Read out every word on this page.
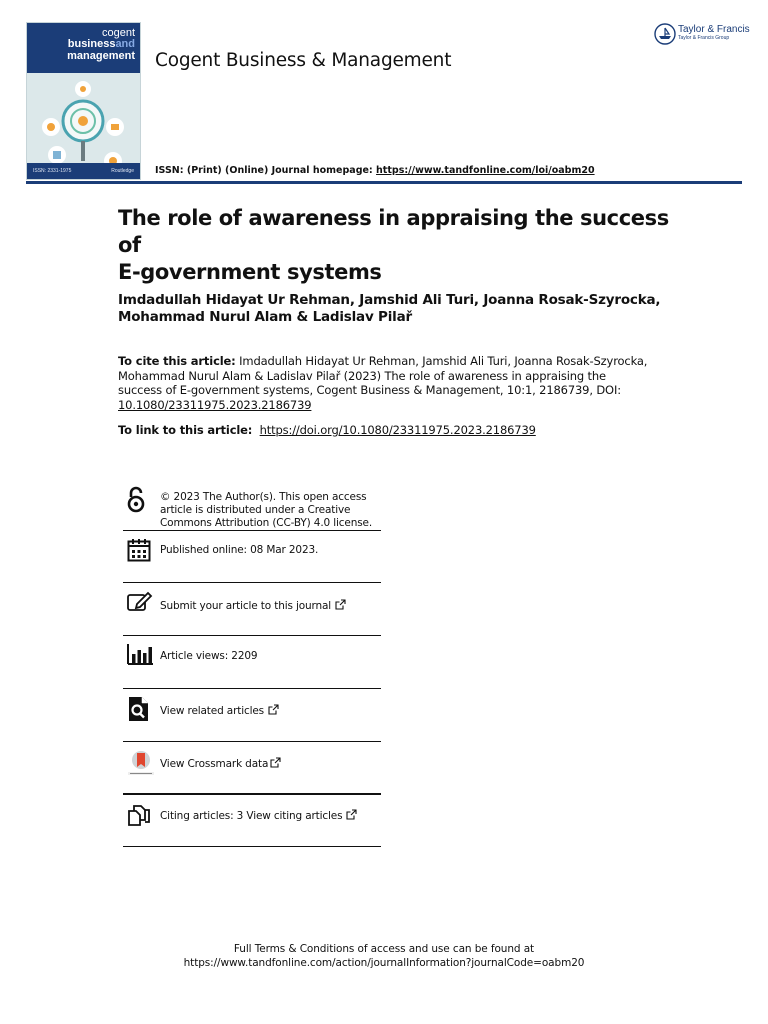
cogent
businessand
management
ISSN: 2331-1975	Routledge
Cogent Business & Management
ISSN: (Print) (Online) Journal homepage: https://www.tandfonline.com/loi/oabm20
Taylor & Francis
Taylor & Francis Group
The role of awareness in appraising the success of
E-government systems
Imdadullah Hidayat Ur Rehman, Jamshid Ali Turi, Joanna Rosak-Szyrocka,
Mohammad Nurul Alam & Ladislav Pilař
To cite this article: Imdadullah Hidayat Ur Rehman, Jamshid Ali Turi, Joanna Rosak-Szyrocka,
Mohammad Nurul Alam & Ladislav Pilař (2023) The role of awareness in appraising the
success of E-government systems, Cogent Business & Management, 10:1, 2186739, DOI:
10.1080/23311975.2023.2186739
To link to this article:  https://doi.org/10.1080/23311975.2023.2186739
© 2023 The Author(s). This open access
article is distributed under a Creative
Commons Attribution (CC-BY) 4.0 license.
Published online: 08 Mar 2023.
Submit your article to this journal
Article views: 2209
View related articles
View Crossmark data
Citing articles: 3 View citing articles
Full Terms & Conditions of access and use can be found at
https://www.tandfonline.com/action/journalInformation?journalCode=oabm20
